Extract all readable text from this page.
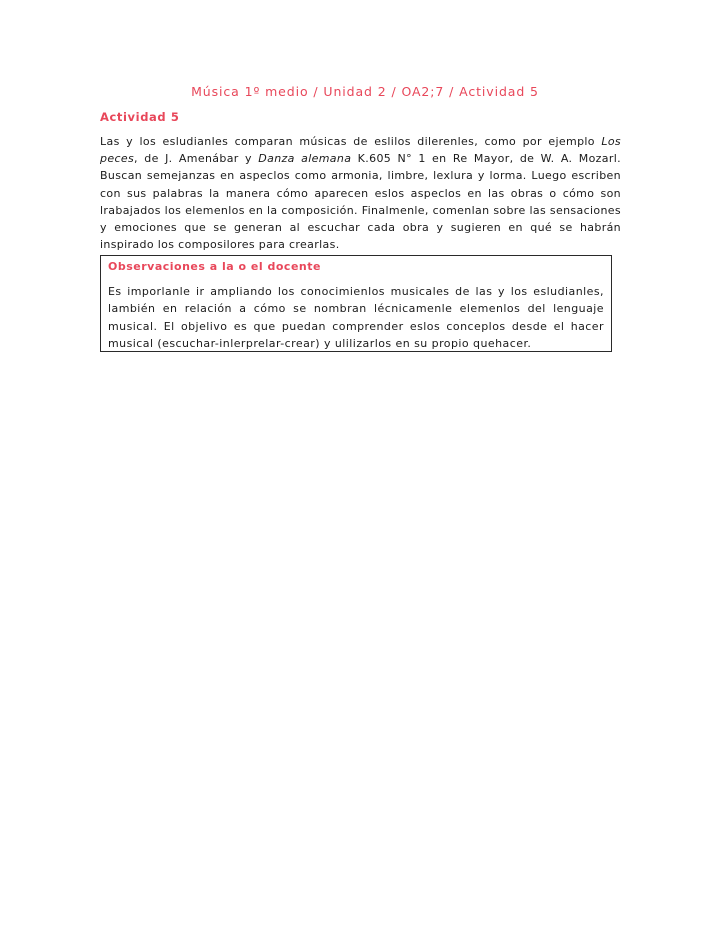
Música 1º medio / Unidad 2 / OA2;7 / Actividad 5
Actividad 5
Las y los esludianles comparan músicas de eslilos dilerenles, como por ejemplo Los peces, de J. Amenábar y Danza alemana K.605 N° 1 en Re Mayor, de W. A. Mozarl. Buscan semejanzas en aspeclos como armonia, limbre, lexlura y lorma. Luego escriben con sus palabras la manera cómo aparecen eslos aspeclos en las obras o cómo son lrabajados los elemenlos en la composición. Finalmenle, comenlan sobre las sensaciones y emociones que se generan al escuchar cada obra y sugieren en qué se habrán inspirado los composilores para crearlas.
Observaciones a la o el docente
Es imporlanle ir ampliando los conocimienlos musicales de las y los esludianles, lambién en relación a cómo se nombran lécnicamenle elemenlos del lenguaje musical. El objelivo es que puedan comprender eslos conceplos desde el hacer musical (escuchar-inlerprelar-crear) y ulilizarlos en su propio quehacer.
